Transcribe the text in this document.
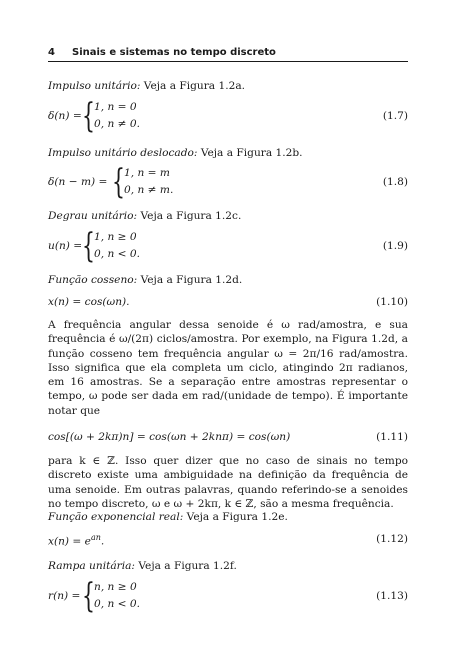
4 Sinais e sistemas no tempo discreto
Impulso unitário: Veja a Figura 1.2a.
δ(n) = { 1, n = 0
0, n ≠ 0.
(1.7)
Impulso unitário deslocado: Veja a Figura 1.2b.
δ(n − m) = { 1, n = m
0, n ≠ m.
(1.8)
Degrau unitário: Veja a Figura 1.2c.
u(n) = { 1, n ≥ 0
0, n < 0.
(1.9)
Função cosseno: Veja a Figura 1.2d.
x(n) = cos(ωn).	(1.10)

A frequência angular dessa senoide é ω rad/amostra, e sua frequência é ω/(2π) ciclos/amostra. Por exemplo, na Figura 1.2d, a função cosseno tem frequência angular ω = 2π/16 rad/amostra. Isso significa que ela completa um ciclo, atingindo 2π radianos, em 16 amostras. Se a separação entre amostras representar o tempo, ω pode ser dada em rad/(unidade de tempo). É importante notar que

cos[(ω + 2kπ)n] = cos(ωn + 2knπ) = cos(ωn)	(1.11)

para k ∈ ℤ. Isso quer dizer que no caso de sinais no tempo discreto existe uma ambiguidade na definição da frequência de uma senoide. Em outras palavras, quando referindo-se a senoides no tempo discreto, ω e ω + 2kπ, k ∈ ℤ, são a mesma frequência.

Função exponencial real: Veja a Figura 1.2e.
$x(n) = e^{an}$.	(1.12)
Rampa unitária: Veja a Figura 1.2f.
r(n) = { n, n ≥ 0
0, n < 0.
(1.13)
